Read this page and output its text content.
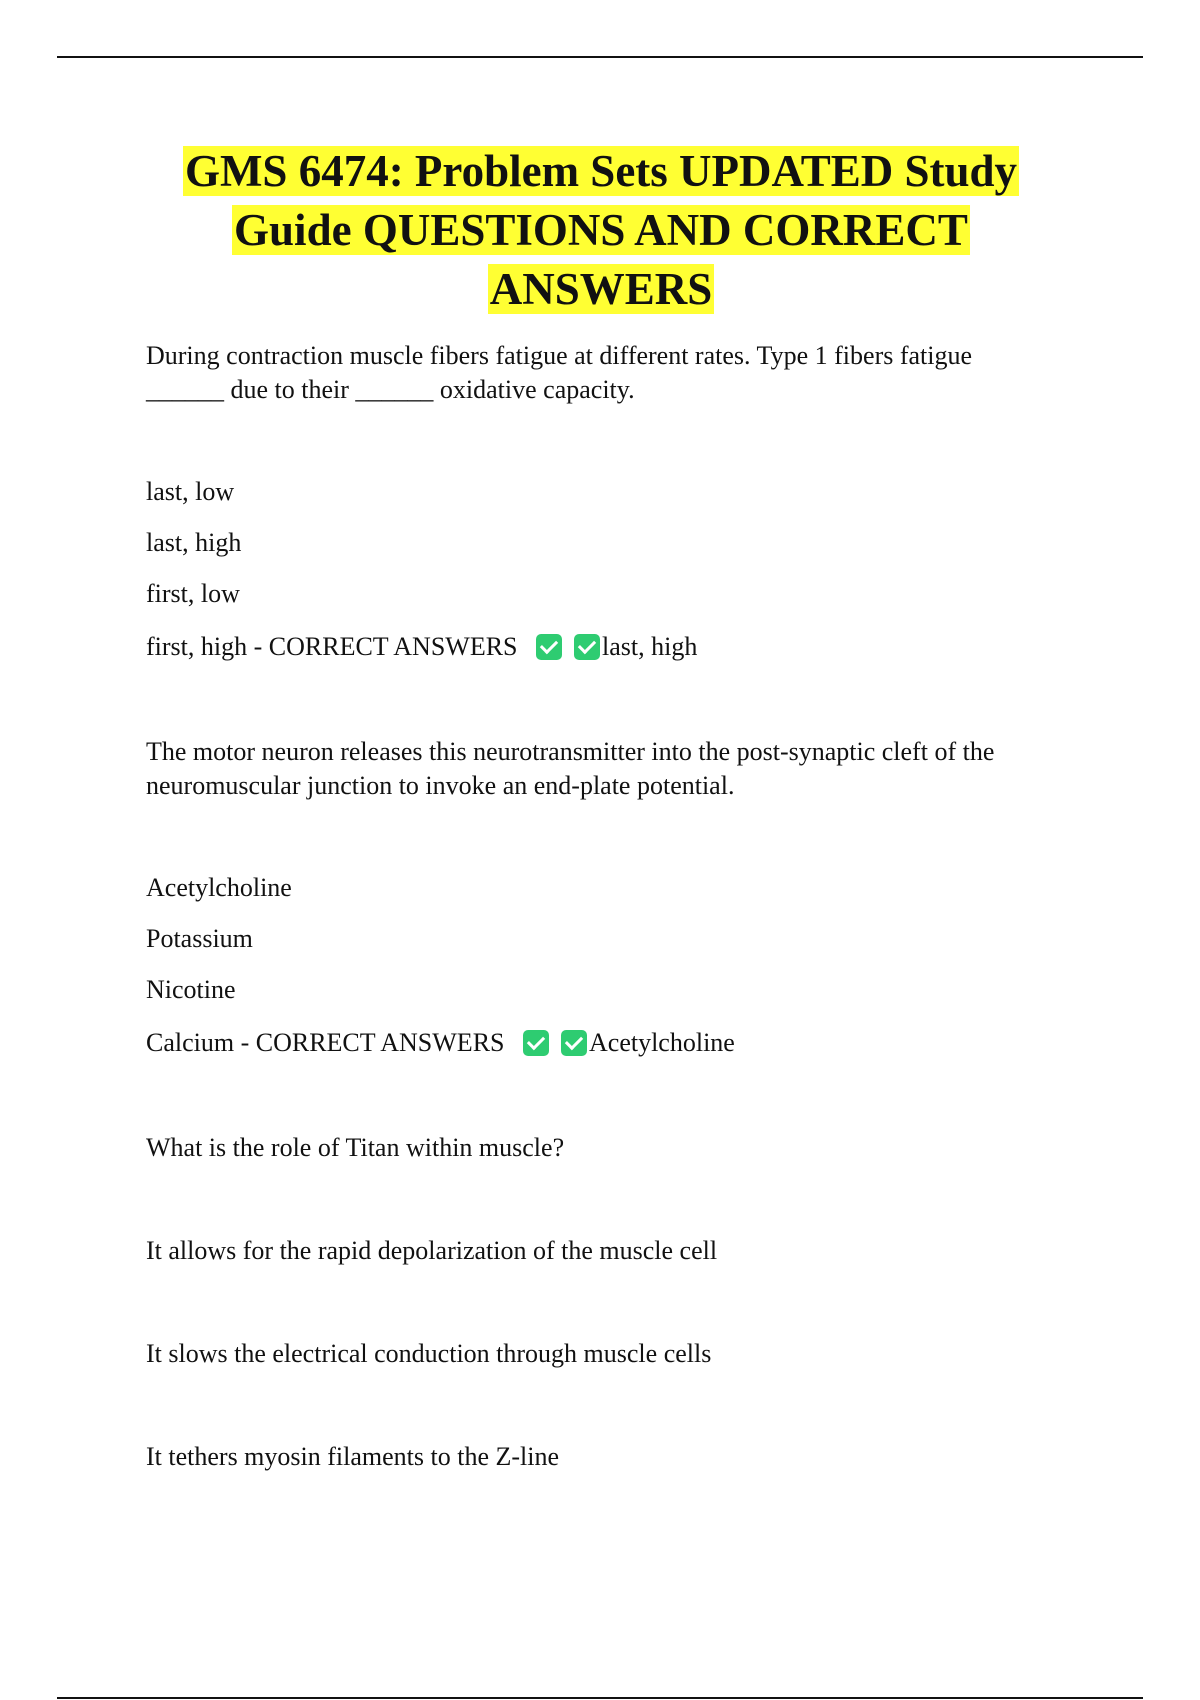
GMS 6474: Problem Sets UPDATED Study Guide QUESTIONS AND CORRECT ANSWERS

During contraction muscle fibers fatigue at different rates. Type 1 fibers fatigue ______ due to their ______ oxidative capacity.

last, low

last, high

first, low

first, high - CORRECT ANSWERS	last, high

The motor neuron releases this neurotransmitter into the post-synaptic cleft of the neuromuscular junction to invoke an end-plate potential.

Acetylcholine

Potassium

Nicotine

Calcium - CORRECT ANSWERS	Acetylcholine

What is the role of Titan within muscle?

It allows for the rapid depolarization of the muscle cell

It slows the electrical conduction through muscle cells

It tethers myosin filaments to the Z-line
